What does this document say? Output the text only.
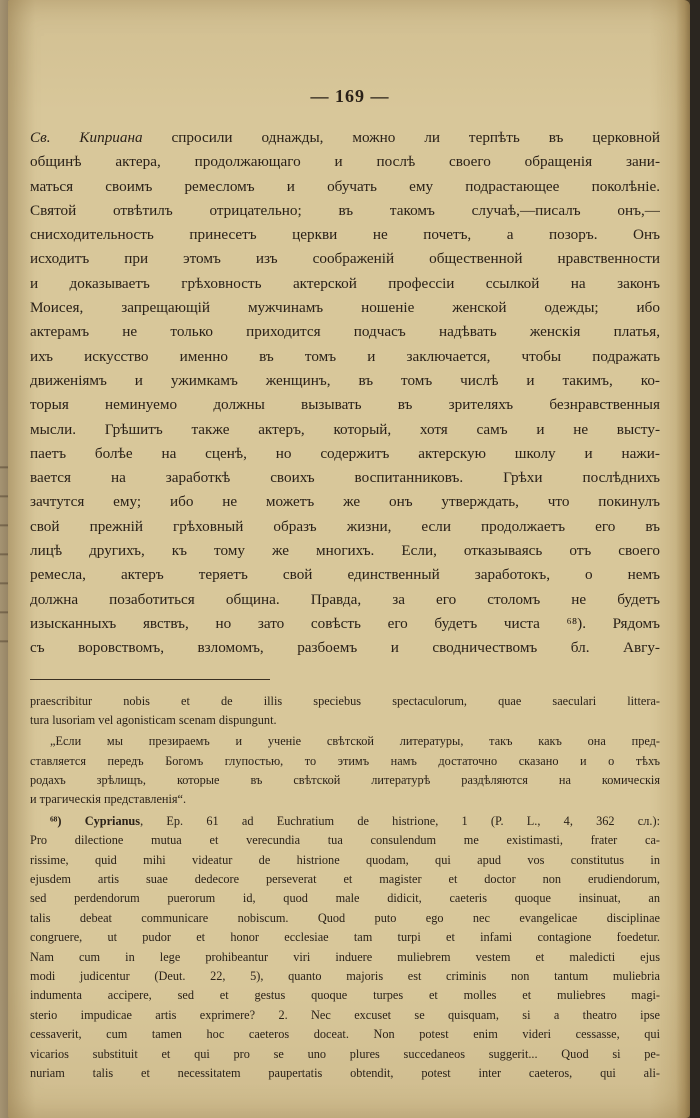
— 169 —
Св. Киприана спросили однажды, можно ли терпѣть въ церковной
общинѣ актера, продолжающаго и послѣ своего обращенія зани-
маться своимъ ремесломъ и обучать ему подрастающее поколѣніе.
Святой отвѣтилъ отрицательно; въ такомъ случаѣ,—писалъ онъ,—
снисходительность принесетъ церкви не почетъ, а позоръ. Онъ
исходитъ при этомъ изъ соображеній общественной нравственности
и доказываетъ грѣховность актерской профессіи ссылкой на законъ
Моисея, запрещающій мужчинамъ ношеніе женской одежды; ибо
актерамъ не только приходится подчасъ надѣвать женскія платья,
ихъ искусство именно въ томъ и заключается, чтобы подражать
движеніямъ и ужимкамъ женщинъ, въ томъ числѣ и такимъ, ко-
торыя неминуемо должны вызывать въ зрителяхъ безнравственныя
мысли. Грѣшитъ также актеръ, который, хотя самъ и не высту-
паетъ болѣе на сценѣ, но содержитъ актерскую школу и нажи-
вается на заработкѣ своихъ воспитанниковъ. Грѣхи послѣднихъ
зачтутся ему; ибо не можетъ же онъ утверждать, что покинулъ
свой прежній грѣховный образъ жизни, если продолжаетъ его въ
лицѣ другихъ, къ тому же многихъ. Если, отказываясь отъ своего
ремесла, актеръ теряетъ свой единственный заработокъ, о немъ
должна позаботиться община. Правда, за его столомъ не будетъ
изысканныхъ явствъ, но зато совѣсть его будетъ чиста ⁶⁸). Рядомъ
съ воровствомъ, взломомъ, разбоемъ и сводничествомъ бл. Авгу-
praescribitur nobis et de illis speciebus spectaculorum, quae saeculari littera-
tura lusoriam vel agonisticam scenam dispungunt.
„Если мы презираемъ и ученіе свѣтской литературы, такъ какъ она пред-
ставляется передъ Богомъ глупостью, то этимъ намъ достаточно сказано и о тѣхъ
родахъ зрѣлищъ, которые въ свѣтской литературѣ раздѣляются на комическія
и трагическія представленія“.
⁶⁸) Cyprianus, Ep. 61 ad Euchratium de histrione, 1 (P. L., 4, 362 сл.):
Pro dilectione mutua et verecundia tua consulendum me existimasti, frater ca-
rissime, quid mihi videatur de histrione quodam, qui apud vos constitutus in
ejusdem artis suae dedecore perseverat et magister et doctor non erudiendorum,
sed perdendorum puerorum id, quod male didicit, caeteris quoque insinuat, an
talis debeat communicare nobiscum. Quod puto ego nec evangelicae disciplinae
congruere, ut pudor et honor ecclesiae tam turpi et infami contagione foedetur.
Nam cum in lege prohibeantur viri induere muliebrem vestem et maledicti ejus
modi judicentur (Deut. 22, 5), quanto majoris est criminis non tantum muliebria
indumenta accipere, sed et gestus quoque turpes et molles et muliebres magi-
sterio impudicae artis exprimere? 2. Nec excuset se quisquam, si a theatro ipse
cessaverit, cum tamen hoc caeteros doceat. Non potest enim videri cessasse, qui
vicarios substituit et qui pro se uno plures succedaneos suggerit... Quod si pe-
nuriam talis et necessitatem paupertatis obtendit, potest inter caeteros, qui ali-
